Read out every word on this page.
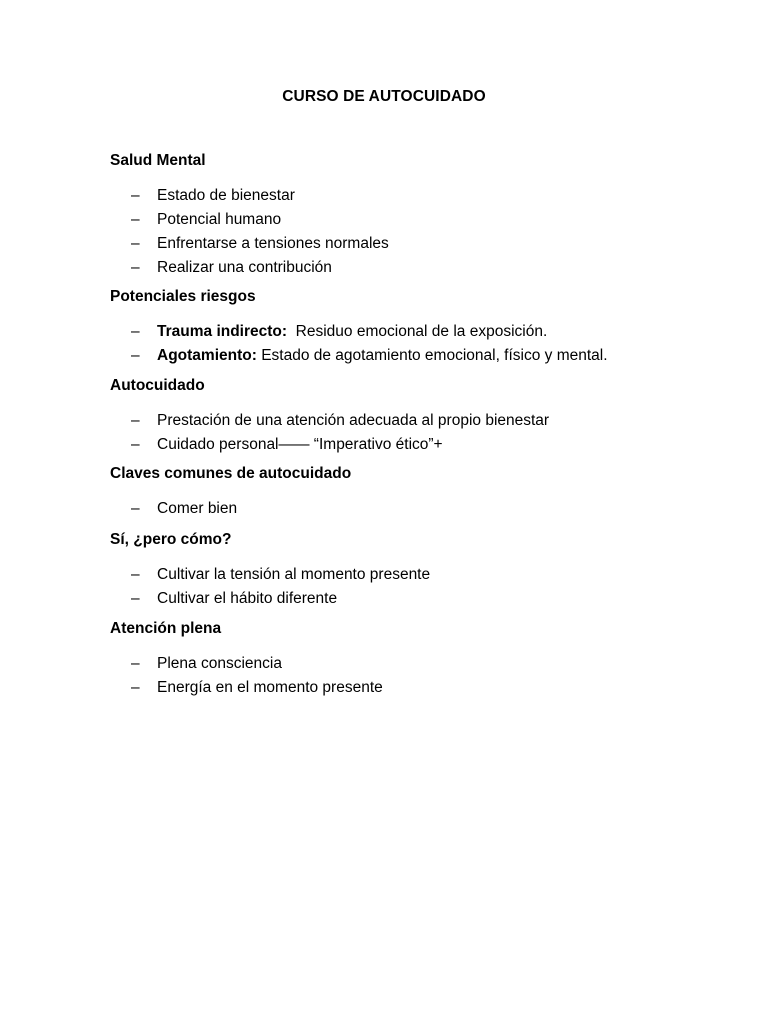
CURSO DE AUTOCUIDADO
Salud Mental
– Estado de bienestar
– Potencial humano
– Enfrentarse a tensiones normales
– Realizar una contribución
Potenciales riesgos
– Trauma indirecto:  Residuo emocional de la exposición.
– Agotamiento: Estado de agotamiento emocional, físico y mental.
Autocuidado
– Prestación de una atención adecuada al propio bienestar
– Cuidado personal—— “Imperativo ético”+
Claves comunes de autocuidado
– Comer bien
Sí, ¿pero cómo?
– Cultivar la tensión al momento presente
– Cultivar el hábito diferente
Atención plena
– Plena consciencia
– Energía en el momento presente
